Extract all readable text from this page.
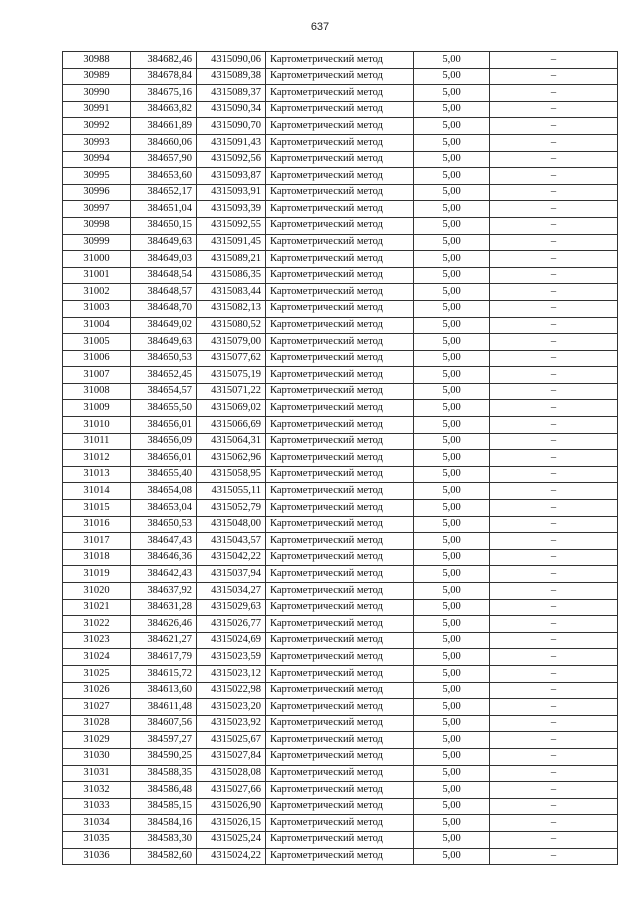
637
30988	384682,46	4315090,06	Картометрический метод	5,00	–
30989	384678,84	4315089,38	Картометрический метод	5,00	–
30990	384675,16	4315089,37	Картометрический метод	5,00	–
30991	384663,82	4315090,34	Картометрический метод	5,00	–
30992	384661,89	4315090,70	Картометрический метод	5,00	–
30993	384660,06	4315091,43	Картометрический метод	5,00	–
30994	384657,90	4315092,56	Картометрический метод	5,00	–
30995	384653,60	4315093,87	Картометрический метод	5,00	–
30996	384652,17	4315093,91	Картометрический метод	5,00	–
30997	384651,04	4315093,39	Картометрический метод	5,00	–
30998	384650,15	4315092,55	Картометрический метод	5,00	–
30999	384649,63	4315091,45	Картометрический метод	5,00	–
31000	384649,03	4315089,21	Картометрический метод	5,00	–
31001	384648,54	4315086,35	Картометрический метод	5,00	–
31002	384648,57	4315083,44	Картометрический метод	5,00	–
31003	384648,70	4315082,13	Картометрический метод	5,00	–
31004	384649,02	4315080,52	Картометрический метод	5,00	–
31005	384649,63	4315079,00	Картометрический метод	5,00	–
31006	384650,53	4315077,62	Картометрический метод	5,00	–
31007	384652,45	4315075,19	Картометрический метод	5,00	–
31008	384654,57	4315071,22	Картометрический метод	5,00	–
31009	384655,50	4315069,02	Картометрический метод	5,00	–
31010	384656,01	4315066,69	Картометрический метод	5,00	–
31011	384656,09	4315064,31	Картометрический метод	5,00	–
31012	384656,01	4315062,96	Картометрический метод	5,00	–
31013	384655,40	4315058,95	Картометрический метод	5,00	–
31014	384654,08	4315055,11	Картометрический метод	5,00	–
31015	384653,04	4315052,79	Картометрический метод	5,00	–
31016	384650,53	4315048,00	Картометрический метод	5,00	–
31017	384647,43	4315043,57	Картометрический метод	5,00	–
31018	384646,36	4315042,22	Картометрический метод	5,00	–
31019	384642,43	4315037,94	Картометрический метод	5,00	–
31020	384637,92	4315034,27	Картометрический метод	5,00	–
31021	384631,28	4315029,63	Картометрический метод	5,00	–
31022	384626,46	4315026,77	Картометрический метод	5,00	–
31023	384621,27	4315024,69	Картометрический метод	5,00	–
31024	384617,79	4315023,59	Картометрический метод	5,00	–
31025	384615,72	4315023,12	Картометрический метод	5,00	–
31026	384613,60	4315022,98	Картометрический метод	5,00	–
31027	384611,48	4315023,20	Картометрический метод	5,00	–
31028	384607,56	4315023,92	Картометрический метод	5,00	–
31029	384597,27	4315025,67	Картометрический метод	5,00	–
31030	384590,25	4315027,84	Картометрический метод	5,00	–
31031	384588,35	4315028,08	Картометрический метод	5,00	–
31032	384586,48	4315027,66	Картометрический метод	5,00	–
31033	384585,15	4315026,90	Картометрический метод	5,00	–
31034	384584,16	4315026,15	Картометрический метод	5,00	–
31035	384583,30	4315025,24	Картометрический метод	5,00	–
31036	384582,60	4315024,22	Картометрический метод	5,00	–
